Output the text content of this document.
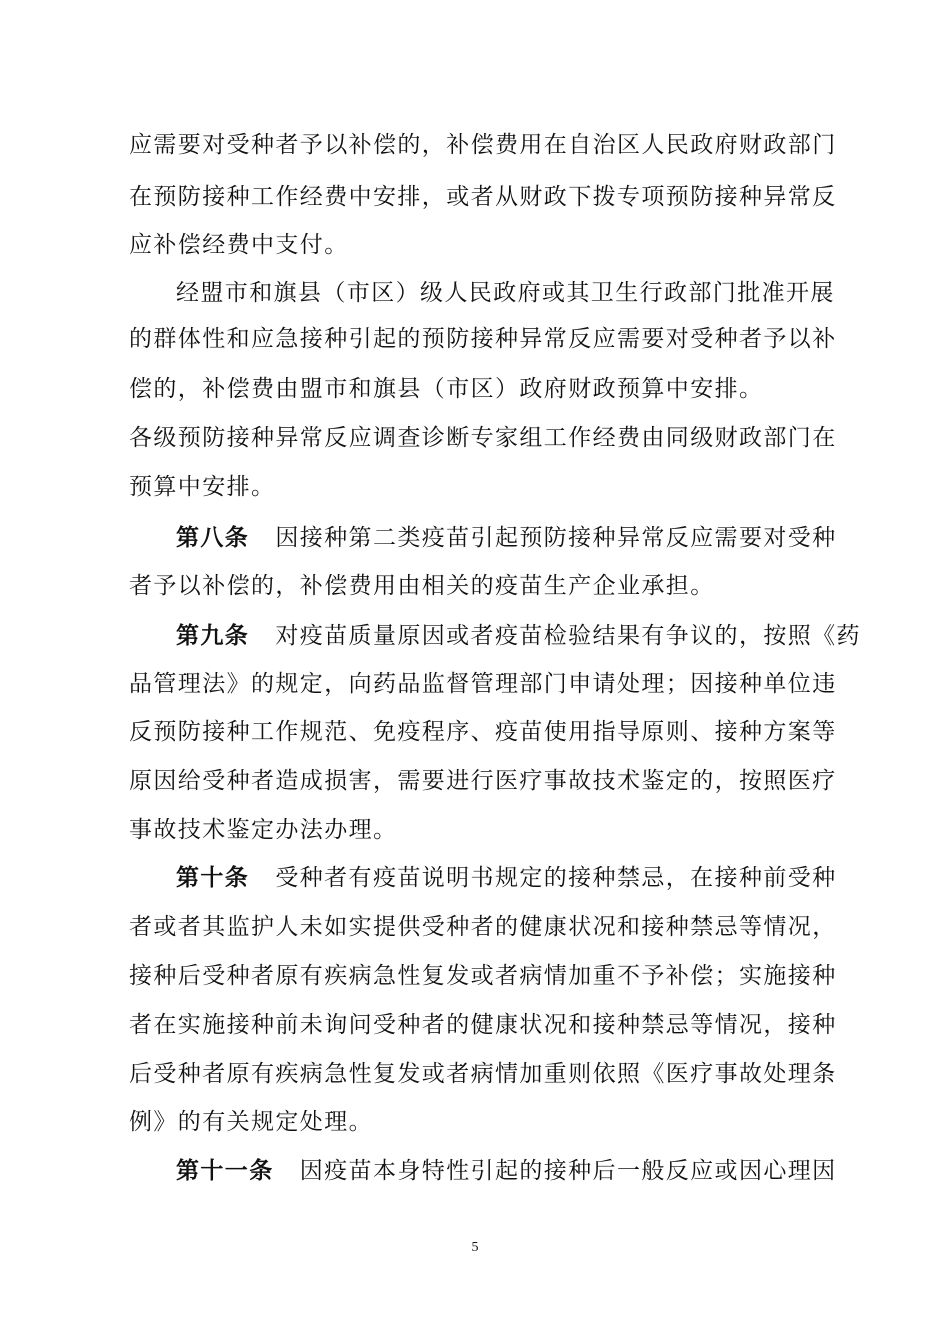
应需要对受种者予以补偿的，补偿费用在自治区人民政府财政部门
在预防接种工作经费中安排，或者从财政下拨专项预防接种异常反
应补偿经费中支付。
经盟市和旗县（市区）级人民政府或其卫生行政部门批准开展
的群体性和应急接种引起的预防接种异常反应需要对受种者予以补
偿的，补偿费由盟市和旗县（市区）政府财政预算中安排。
各级预防接种异常反应调查诊断专家组工作经费由同级财政部门在
预算中安排。
第八条 因接种第二类疫苗引起预防接种异常反应需要对受种
者予以补偿的，补偿费用由相关的疫苗生产企业承担。
第九条 对疫苗质量原因或者疫苗检验结果有争议的，按照《药
品管理法》的规定，向药品监督管理部门申请处理；因接种单位违
反预防接种工作规范、免疫程序、疫苗使用指导原则、接种方案等
原因给受种者造成损害，需要进行医疗事故技术鉴定的，按照医疗
事故技术鉴定办法办理。
第十条 受种者有疫苗说明书规定的接种禁忌，在接种前受种
者或者其监护人未如实提供受种者的健康状况和接种禁忌等情况，
接种后受种者原有疾病急性复发或者病情加重不予补偿；实施接种
者在实施接种前未询问受种者的健康状况和接种禁忌等情况，接种
后受种者原有疾病急性复发或者病情加重则依照《医疗事故处理条
例》的有关规定处理。
第十一条 因疫苗本身特性引起的接种后一般反应或因心理因
5
